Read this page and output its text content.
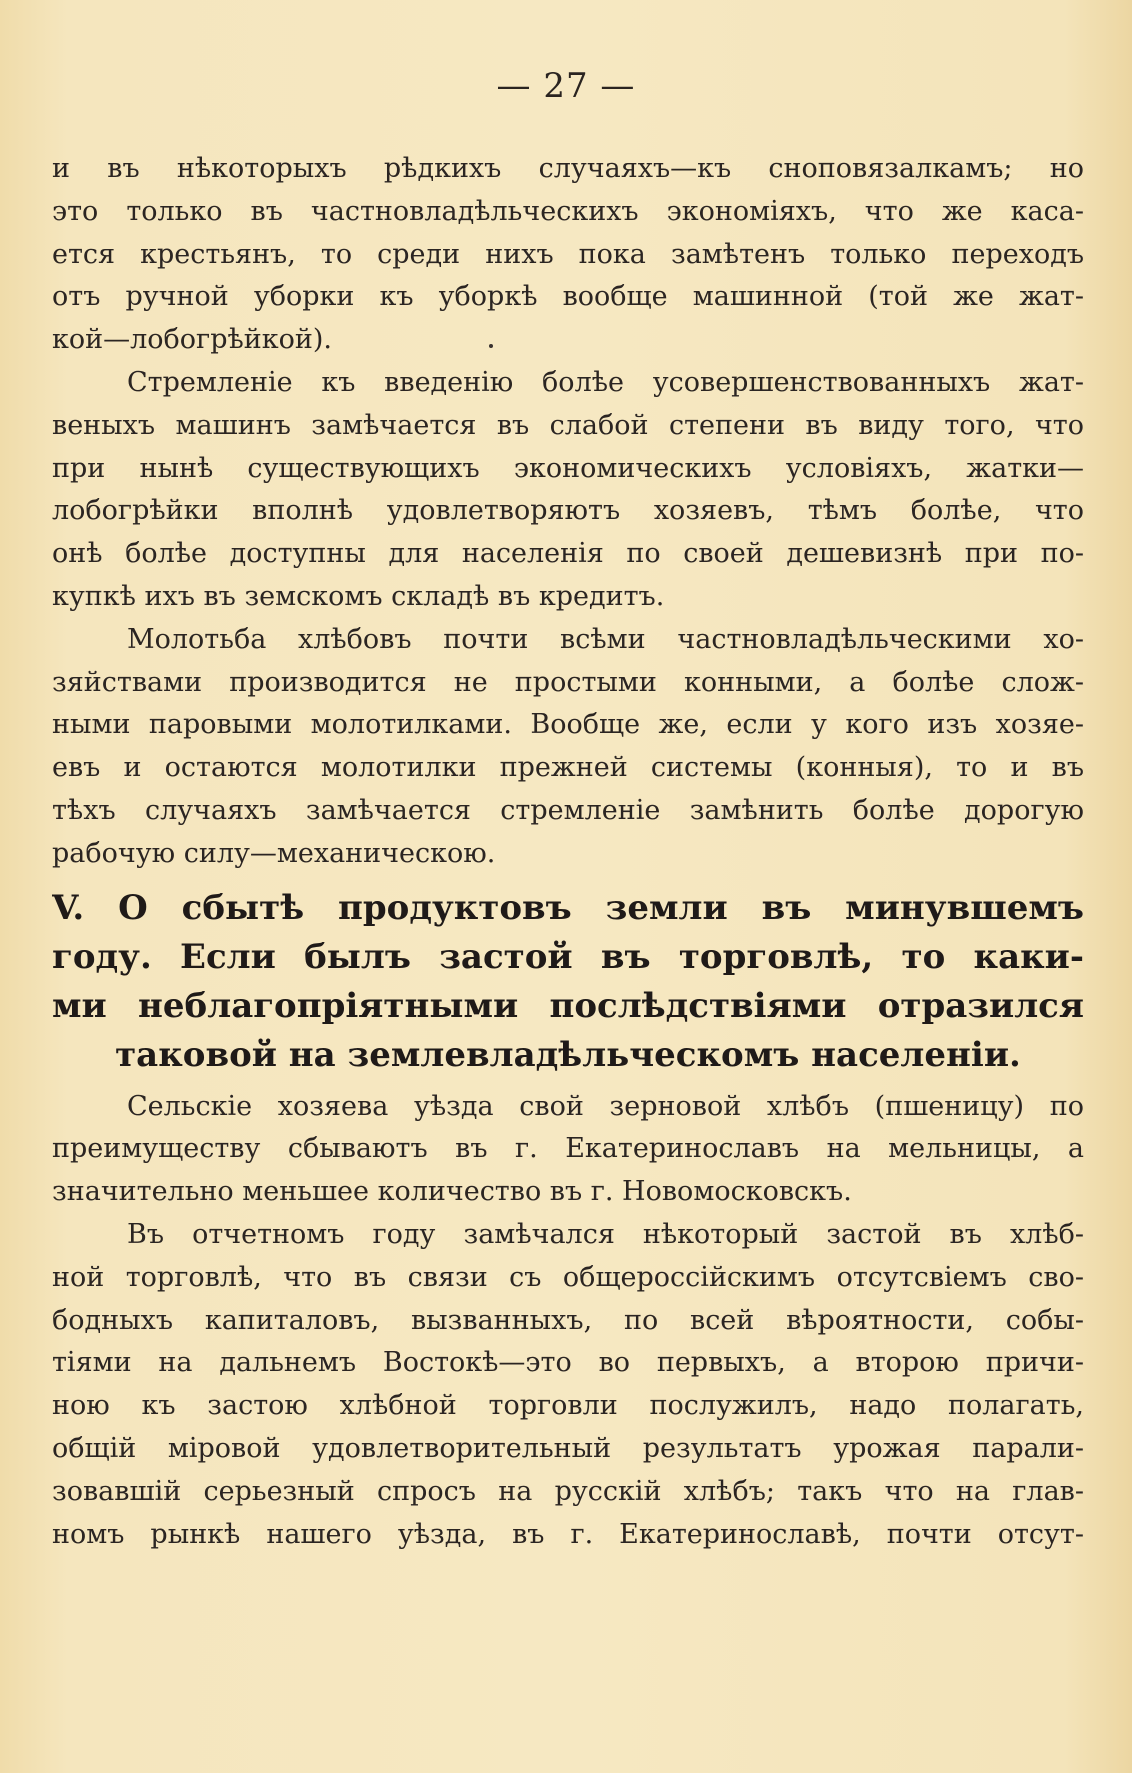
— 27 —
и въ нѣкоторыхъ рѣдкихъ случаяхъ—къ сноповязалкамъ; но
это только въ частновладѣльческихъ экономіяхъ, что же каса-
ется крестьянъ, то среди нихъ пока замѣтенъ только переходъ
отъ ручной уборки къ уборкѣ вообще машинной (той же жат-
кой—лобогрѣйкой).
Стремленіе къ введенію болѣе усовершенствованныхъ жат-
веныхъ машинъ замѣчается въ слабой степени въ виду того, что
при нынѣ существующихъ экономическихъ условіяхъ, жатки—
лобогрѣйки вполнѣ удовлетворяютъ хозяевъ, тѣмъ болѣе, что
онѣ болѣе доступны для населенія по своей дешевизнѣ при по-
купкѣ ихъ въ земскомъ складѣ въ кредитъ.
Молотьба хлѣбовъ почти всѣми частновладѣльческими хо-
зяйствами производится не простыми конными, а болѣе слож-
ными паровыми молотилками. Вообще же, если у кого изъ хозяе-
евъ и остаются молотилки прежней системы (конныя), то и въ
тѣхъ случаяхъ замѣчается стремленіе замѣнить болѣе дорогую
рабочую силу—механическою.
V. О сбытѣ продуктовъ земли въ минувшемъ
году. Если былъ застой въ торговлѣ, то каки-
ми неблагопріятными послѣдствіями отразился
таковой на землевладѣльческомъ населеніи.
Сельскіе хозяева уѣзда свой зерновой хлѣбъ (пшеницу) по
преимуществу сбываютъ въ г. Екатеринославъ на мельницы, а
значительно меньшее количество въ г. Новомосковскъ.
Въ отчетномъ году замѣчался нѣкоторый застой въ хлѣб-
ной торговлѣ, что въ связи съ общероссійскимъ отсутсвіемъ сво-
бодныхъ капиталовъ, вызванныхъ, по всей вѣроятности, собы-
тіями на дальнемъ Востокѣ—это во первыхъ, а второю причи-
ною къ застою хлѣбной торговли послужилъ, надо полагать,
общій міровой удовлетворительный результатъ урожая парали-
зовавшій серьезный спросъ на русскій хлѣбъ; такъ что на глав-
номъ рынкѣ нашего уѣзда, въ г. Екатеринославѣ, почти отсут-
